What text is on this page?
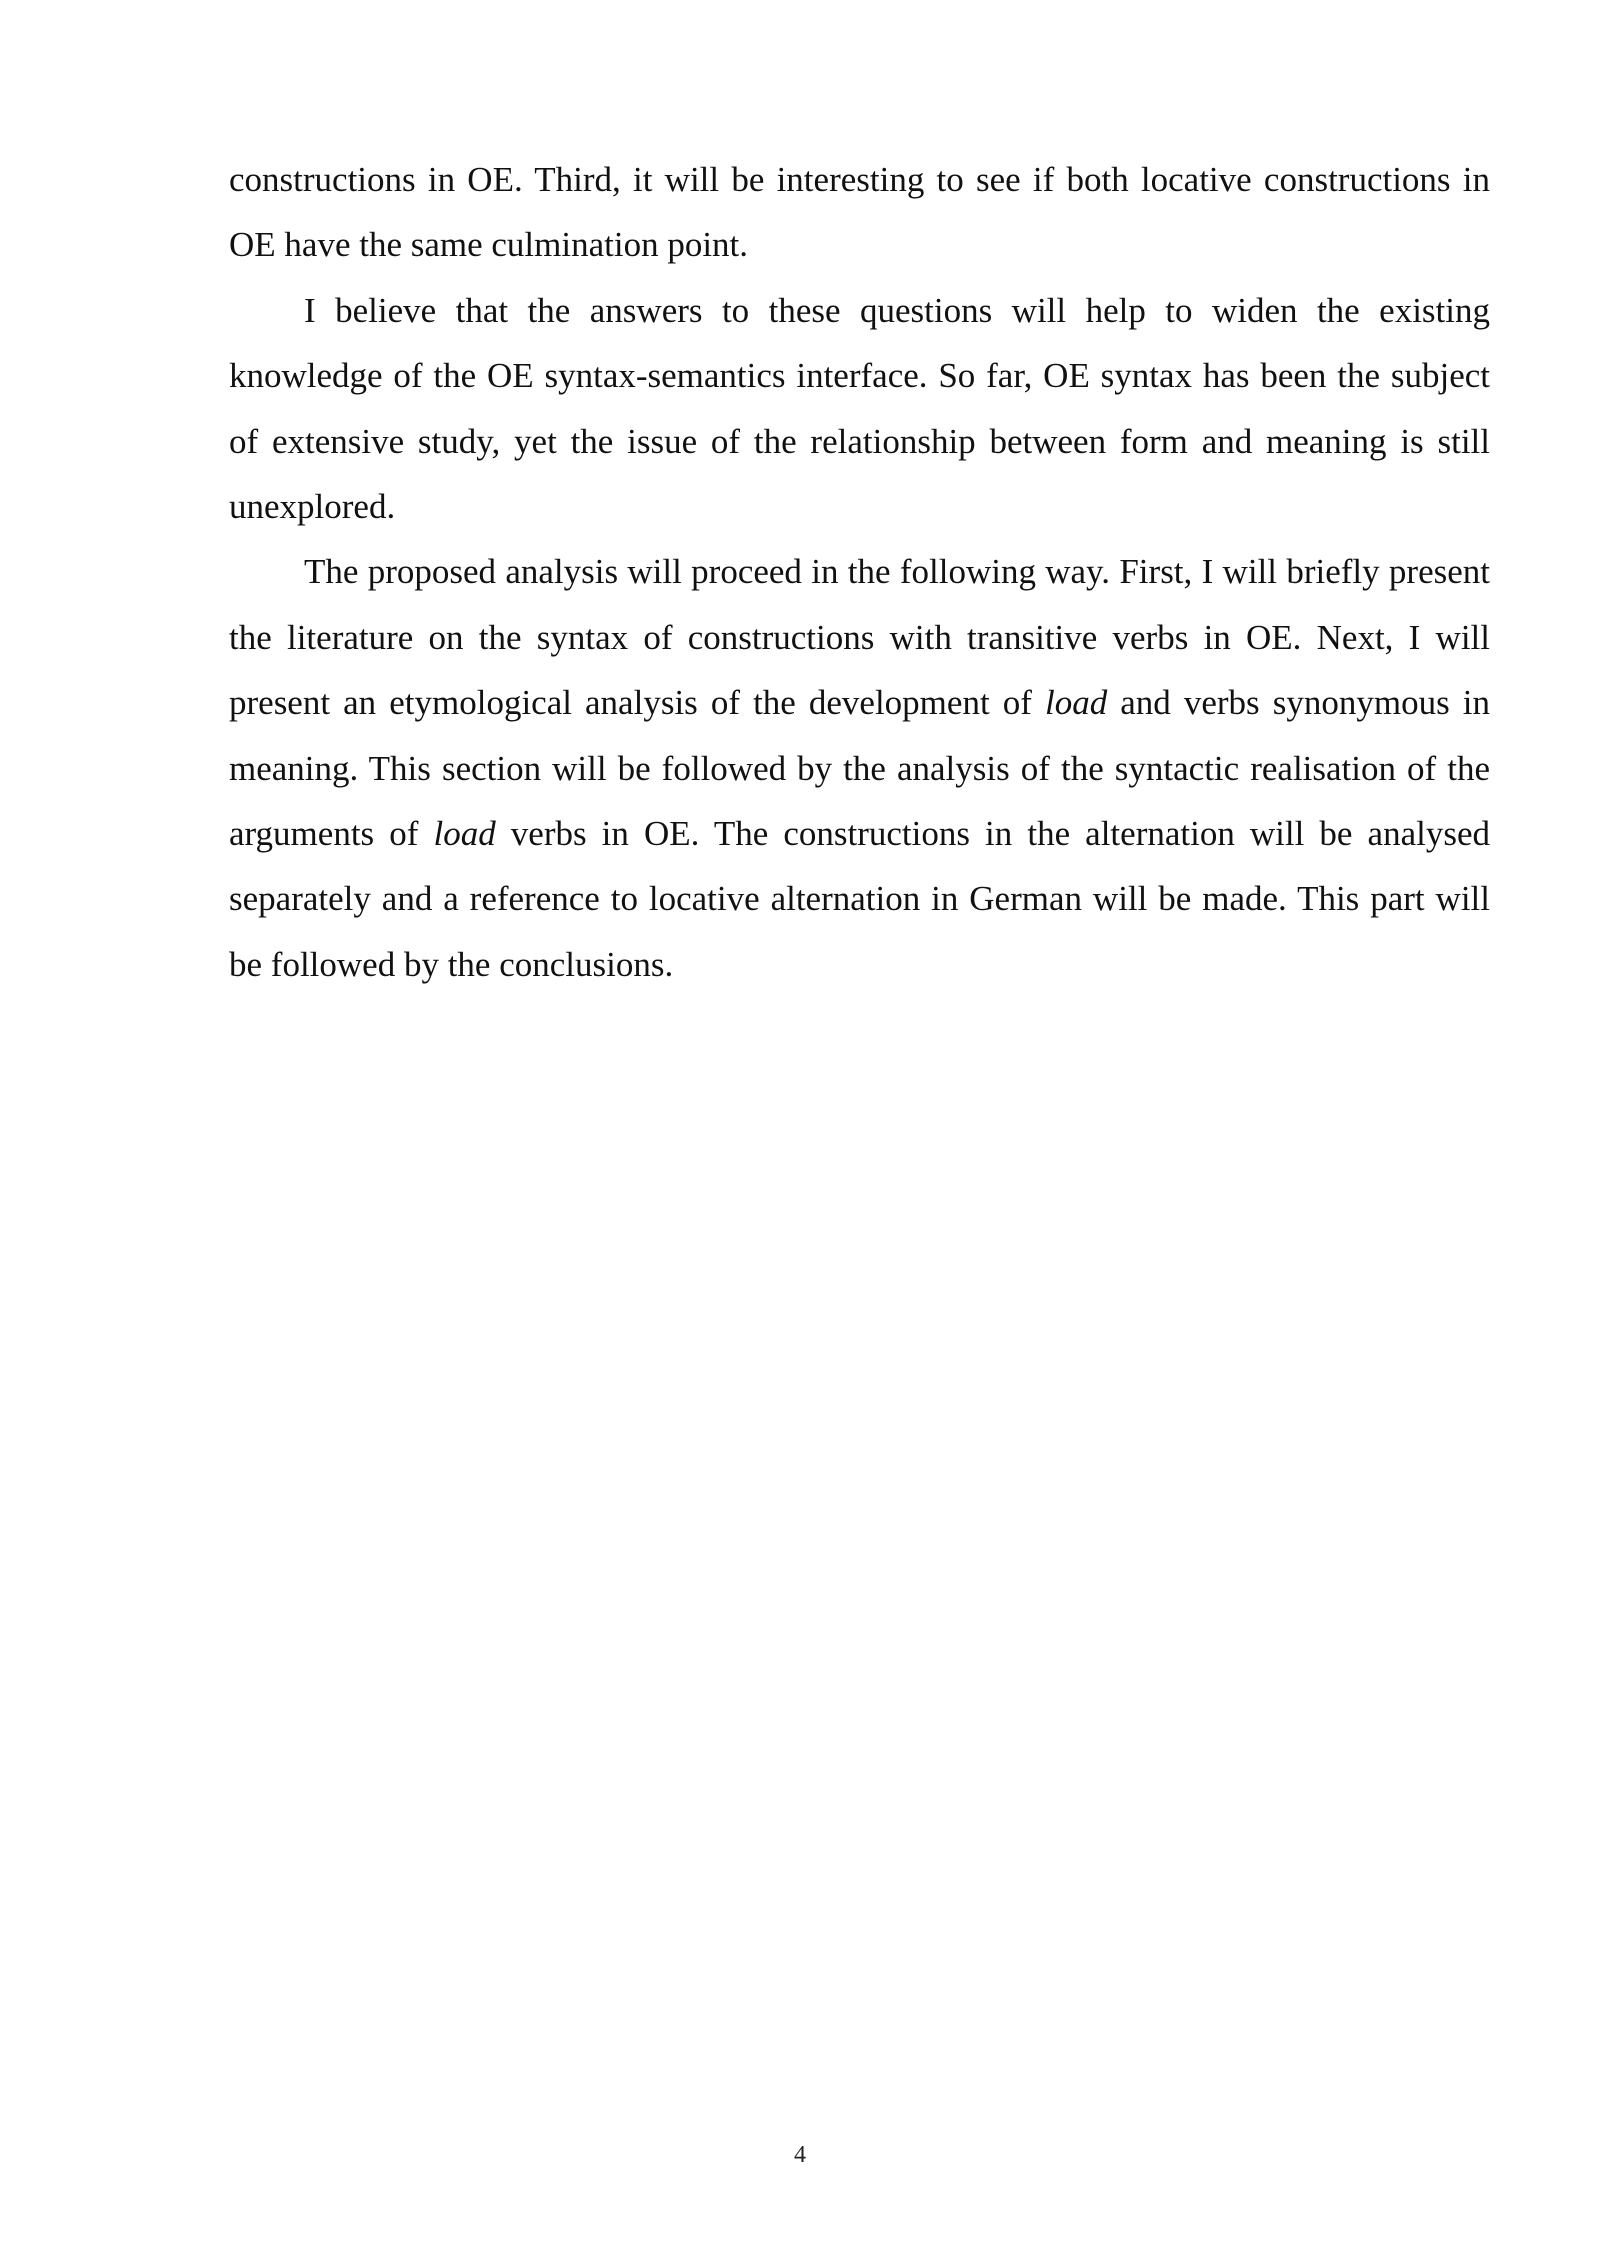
constructions in OE. Third, it will be interesting to see if both locative constructions in OE have the same culmination point.

I believe that the answers to these questions will help to widen the existing knowledge of the OE syntax-semantics interface. So far, OE syntax has been the subject of extensive study, yet the issue of the relationship between form and meaning is still unexplored.

The proposed analysis will proceed in the following way. First, I will briefly present the literature on the syntax of constructions with transitive verbs in OE. Next, I will present an etymological analysis of the development of load and verbs synonymous in meaning. This section will be followed by the analysis of the syntactic realisation of the arguments of load verbs in OE. The constructions in the alternation will be analysed separately and a reference to locative alternation in German will be made. This part will be followed by the conclusions.

4
